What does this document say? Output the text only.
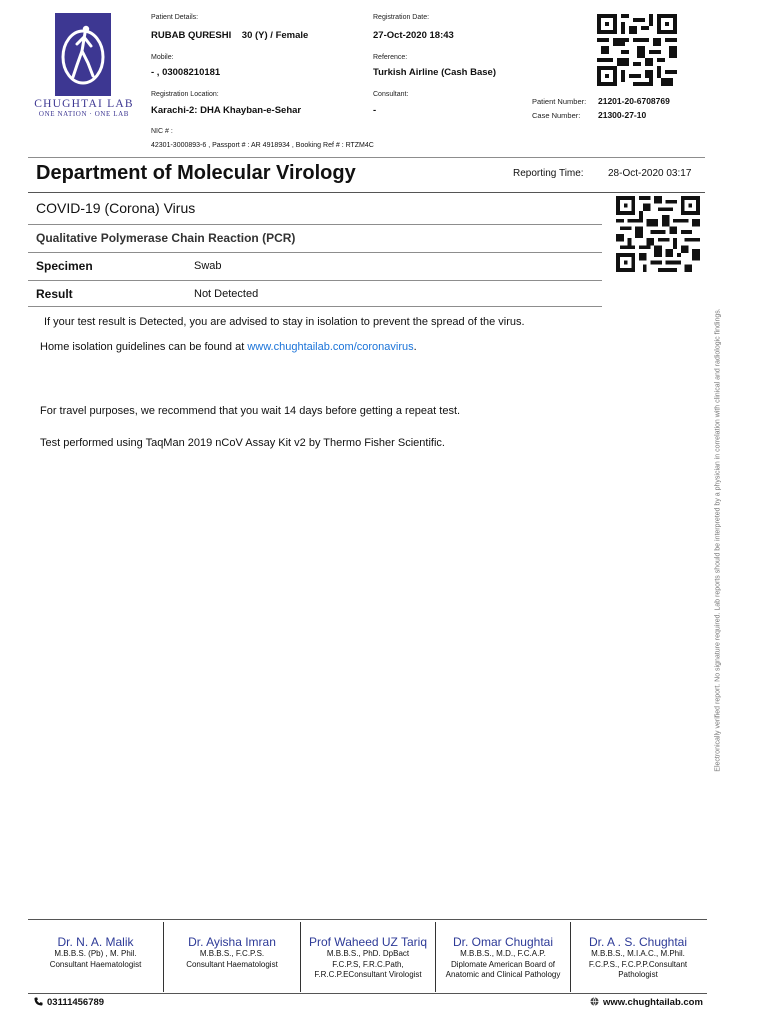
CHUGHTAI LAB
ONE NATION · ONE LAB
Patient Details:
RUBAB QURESHI    30 (Y) / Female
Mobile:
- , 03008210181
Registration Location:
Karachi-2: DHA Khayban-e-Sehar
NIC # :
42301-3000893-6 , Passport # : AR 4918934 , Booking Ref # : RTZM4C
Registration Date:
27-Oct-2020 18:43
Reference:
Turkish Airline (Cash Base)
Consultant:
-
Patient Number: 21201-20-6708769
Case Number: 21300-27-10
Department of Molecular Virology	Reporting Time: 28-Oct-2020 03:17
COVID-19 (Corona) Virus
Qualitative Polymerase Chain Reaction (PCR)
Specimen	Swab
Result	Not Detected
If your test result is Detected, you are advised to stay in isolation to prevent the spread of the virus.
Home isolation guidelines can be found at www.chughtailab.com/coronavirus.
For travel purposes, we recommend that you wait 14 days before getting a repeat test.
Test performed using TaqMan 2019 nCoV Assay Kit v2 by Thermo Fisher Scientific.	Electronically verified report. No signature required. Lab reports should be interpreted by a physician in correlation with clinical and radiologic findings.
Dr. N. A. Malik
M.B.B.S. (Pb) , M. Phil.
Consultant Haematologist
Dr. Ayisha Imran
M.B.B.S., F.C.P.S.
Consultant Haematologist
Prof Waheed UZ Tariq
M.B.B.S., PhD. DpBact
F.C.P.S, F.R.C.Path,
F.R.C.P.EConsultant Virologist
Dr. Omar Chughtai
M.B.B.S., M.D., F.C.A.P.
Diplomate American Board of
Anatomic and Clinical Pathology
Dr. A . S. Chughtai
M.B.B.S., M.I.A.C., M.Phil.
F.C.P.S., F.C.P.P.Consultant
Pathologist
03111456789	www.chughtailab.com
